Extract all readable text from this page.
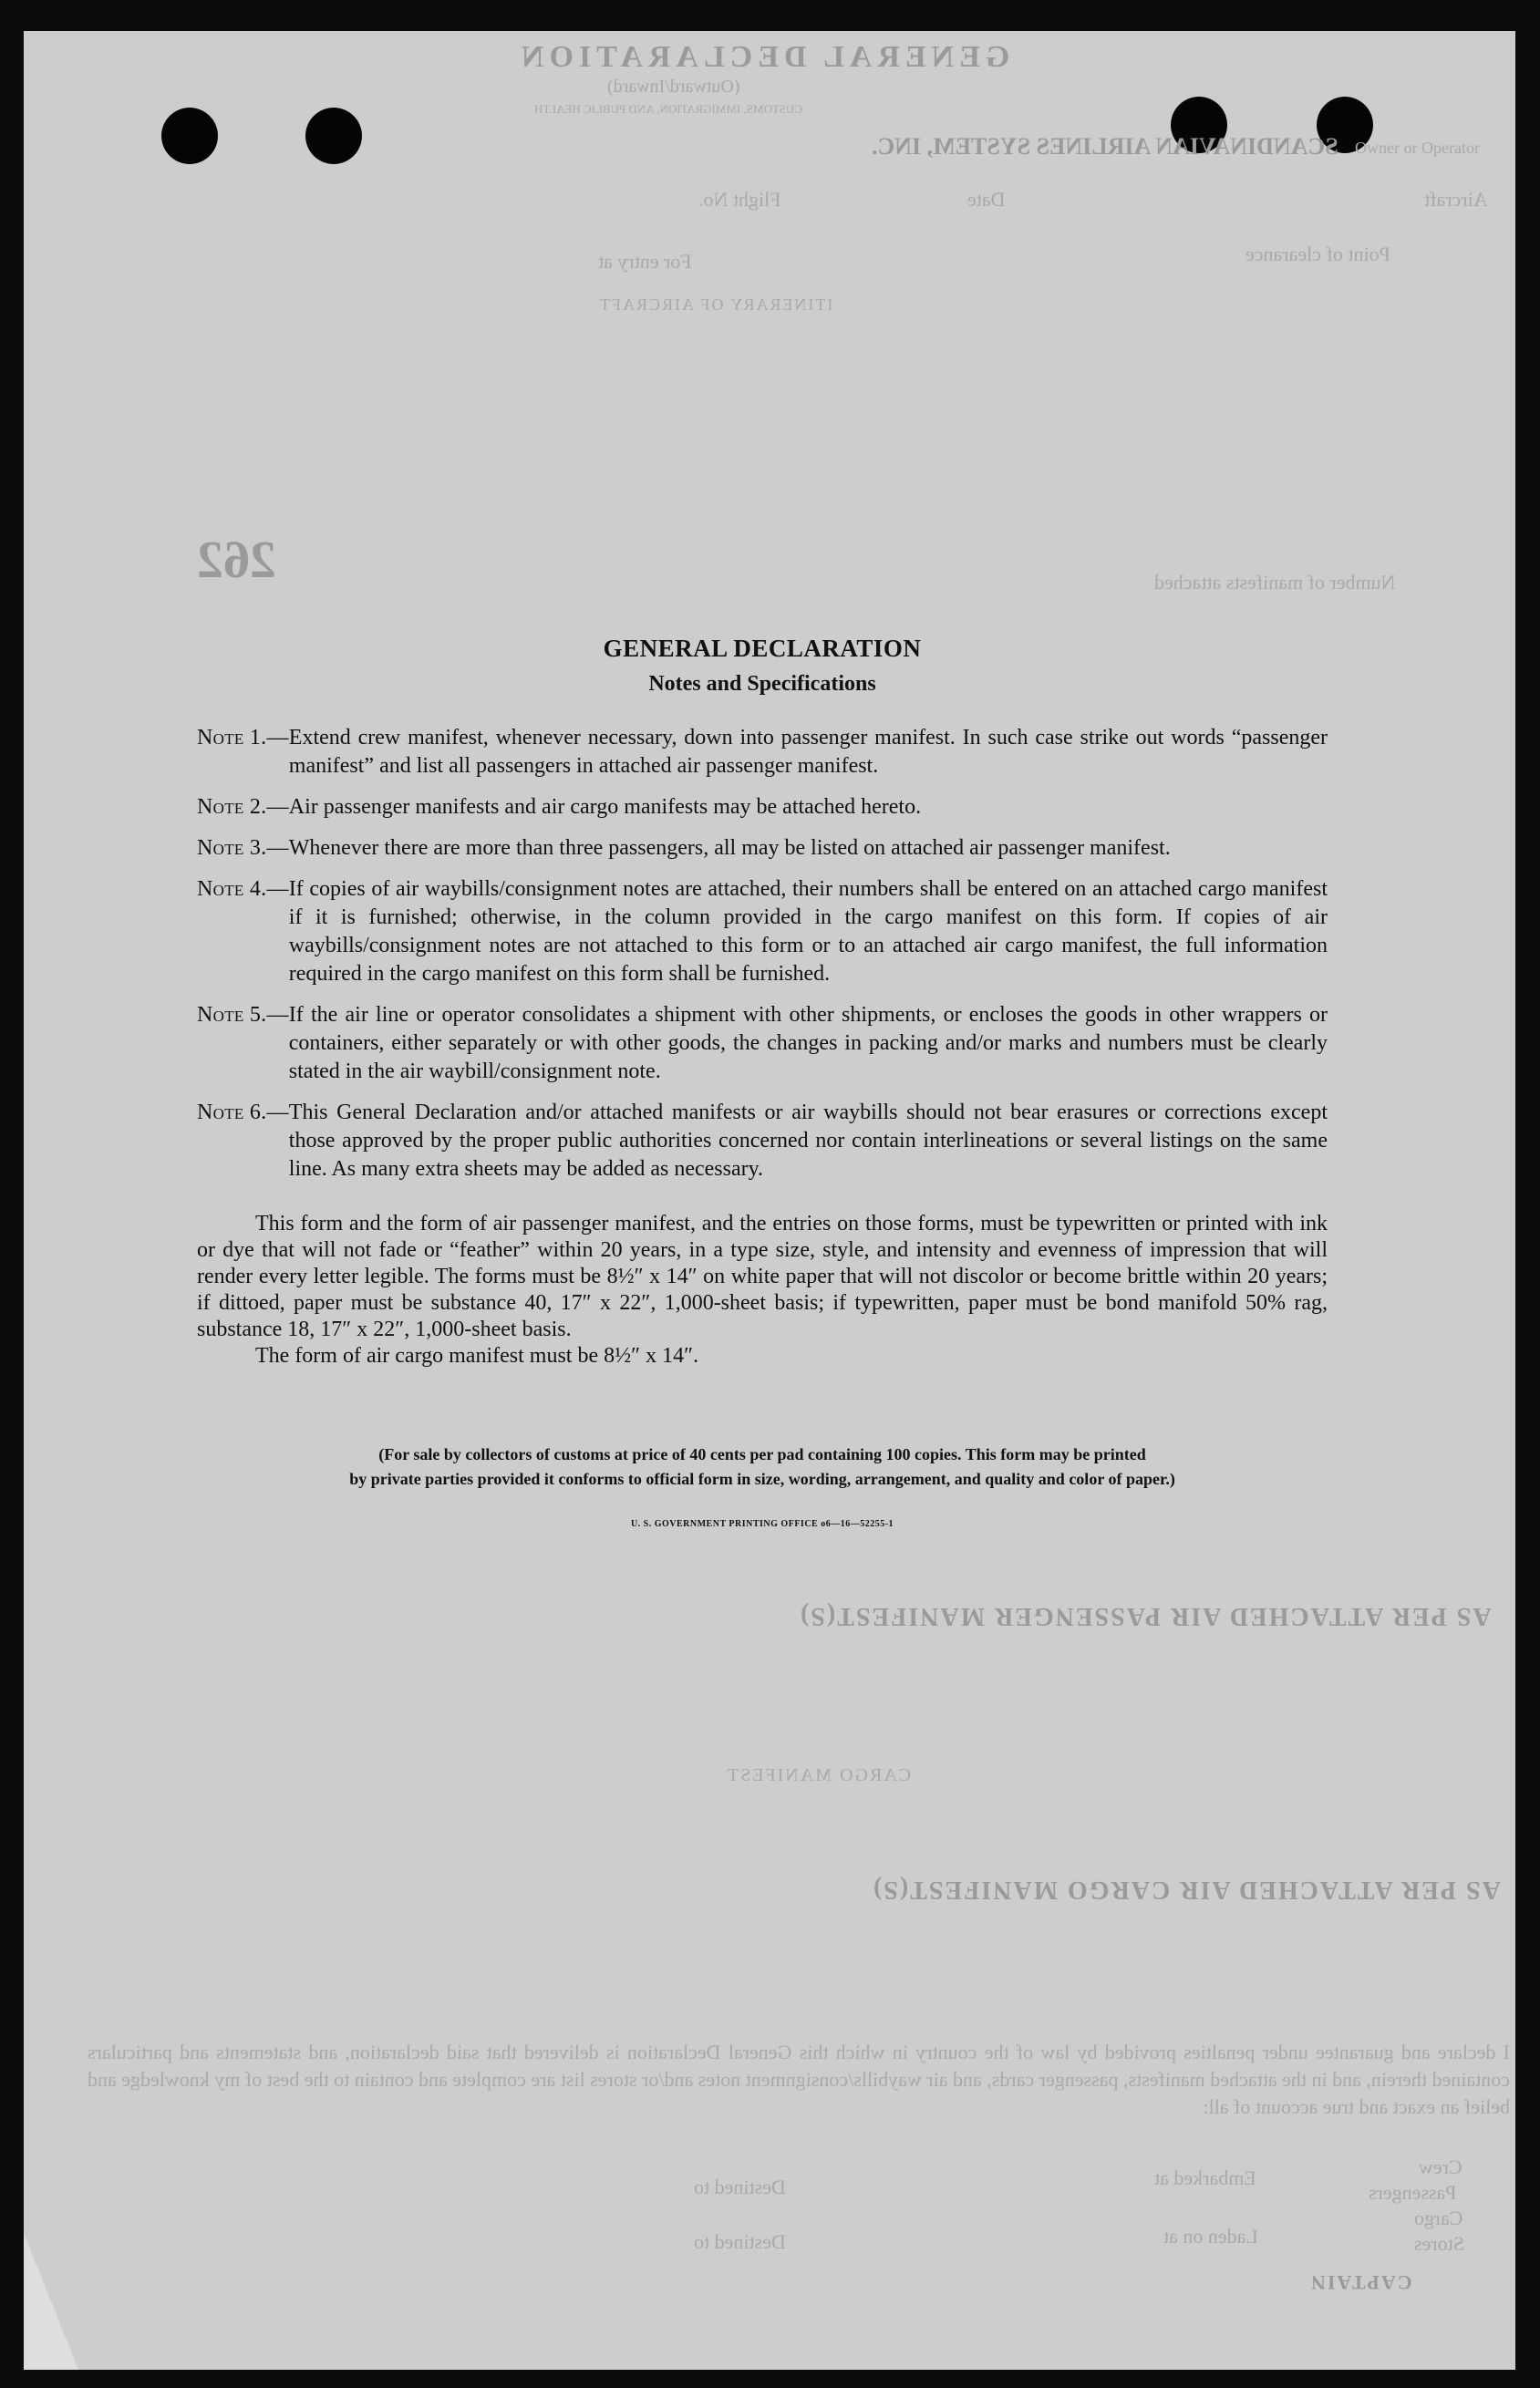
GENERAL DECLARATION
(Outward/Inward)
CUSTOMS, IMMIGRATION, AND PUBLIC HEALTH
Owner or Operator
SCANDINAVIAN AIRLINES SYSTEM, INC.
Aircraft
Flight No.	Date
Point of clearance
For entry at
ITINERARY OF AIRCRAFT
262	Number of manifests attached
AS PER ATTACHED AIR PASSENGER MANIFEST(S)
CARGO MANIFEST
AS PER ATTACHED AIR CARGO MANIFEST(S)
I declare and guarantee under penalties provided by law of the country in which this General Declaration is delivered that said declaration, and statements and particulars contained therein, and in the attached manifests, passenger cards, and air waybills/consignment notes and/or stores list are complete and contain to the best of my knowledge and belief an exact and true account of all:
Crew
Passengers
Cargo
Stores
Embarked at
Laden on at
Destined to
Destined to
CAPTAIN

GENERAL DECLARATION

Notes and Specifications

Note 1.— Extend crew manifest, whenever necessary, down into passenger manifest. In such case strike out words “passenger manifest” and list all passengers in attached air passenger manifest.
Note 2.— Air passenger manifests and air cargo manifests may be attached hereto.
Note 3.— Whenever there are more than three passengers, all may be listed on attached air passenger manifest.
Note 4.— If copies of air waybills/consignment notes are attached, their numbers shall be entered on an attached cargo manifest if it is furnished; otherwise, in the column provided in the cargo manifest on this form. If copies of air waybills/consignment notes are not attached to this form or to an attached air cargo manifest, the full information required in the cargo manifest on this form shall be furnished.
Note 5.— If the air line or operator consolidates a shipment with other shipments, or encloses the goods in other wrappers or containers, either separately or with other goods, the changes in packing and/or marks and numbers must be clearly stated in the air waybill/consignment note.
Note 6.— This General Declaration and/or attached manifests or air waybills should not bear erasures or corrections except those approved by the proper public authorities concerned nor contain interlineations or several listings on the same line. As many extra sheets may be added as necessary.

This form and the form of air passenger manifest, and the entries on those forms, must be typewritten or printed with ink or dye that will not fade or “feather” within 20 years, in a type size, style, and intensity and evenness of impression that will render every letter legible. The forms must be 8½″ x 14″ on white paper that will not discolor or become brittle within 20 years; if dittoed, paper must be substance 40, 17″ x 22″, 1,000-sheet basis; if typewritten, paper must be bond manifold 50% rag, substance 18, 17″ x 22″, 1,000-sheet basis.

The form of air cargo manifest must be 8½″ x 14″.

(For sale by collectors of customs at price of 40 cents per pad containing 100 copies. This form may be printed
by private parties provided it conforms to official form in size, wording, arrangement, and quality and color of paper.)

U. S. GOVERNMENT PRINTING OFFICE o6—16—52255-1
